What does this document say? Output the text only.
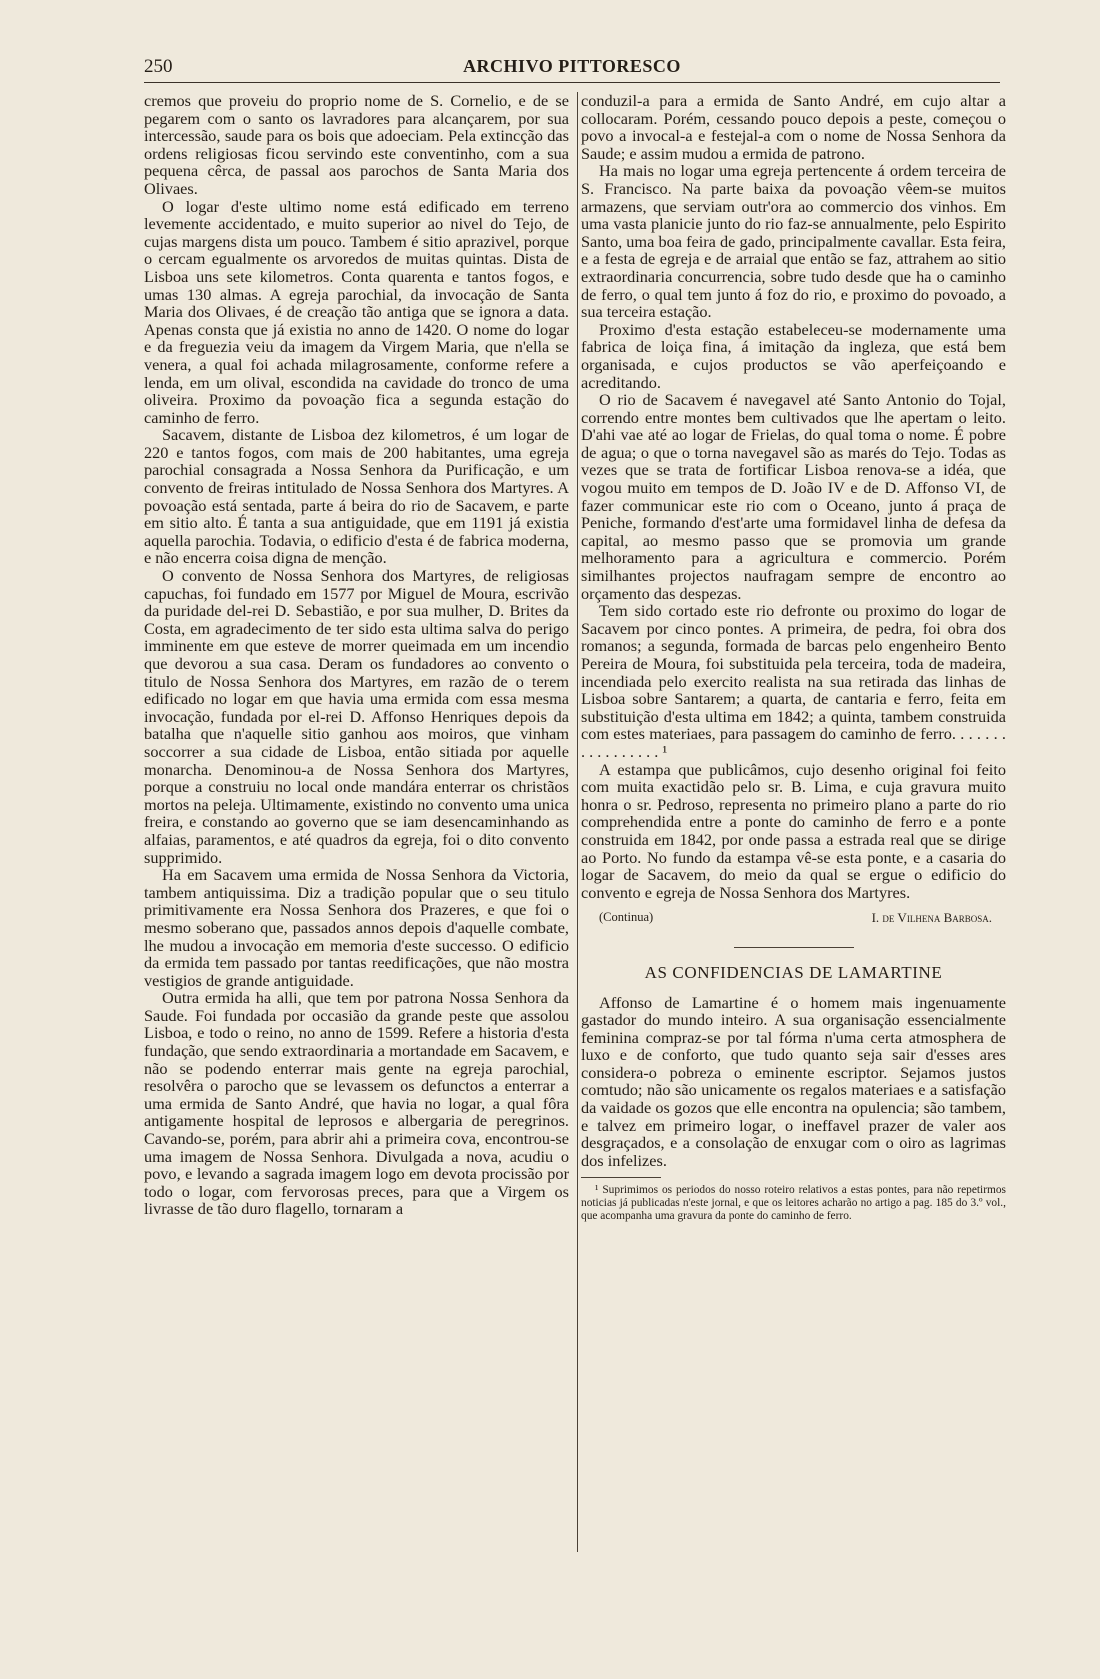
250	ARCHIVO PITTORESCO

cremos que proveiu do proprio nome de S. Cornelio, e de se pegarem com o santo os lavradores para alcançarem, por sua intercessão, saude para os bois que adoeciam. Pela extincção das ordens religiosas ficou servindo este conventinho, com a sua pequena cêrca, de passal aos parochos de Santa Maria dos Olivaes.

O logar d'este ultimo nome está edificado em terreno levemente accidentado, e muito superior ao nivel do Tejo, de cujas margens dista um pouco. Tambem é sitio aprazivel, porque o cercam egualmente os arvoredos de muitas quintas. Dista de Lisboa uns sete kilometros. Conta quarenta e tantos fogos, e umas 130 almas. A egreja parochial, da invocação de Santa Maria dos Olivaes, é de creação tão antiga que se ignora a data. Apenas consta que já existia no anno de 1420. O nome do logar e da freguezia veiu da imagem da Virgem Maria, que n'ella se venera, a qual foi achada milagrosamente, conforme refere a lenda, em um olival, escondida na cavidade do tronco de uma oliveira. Proximo da povoação fica a segunda estação do caminho de ferro.

Sacavem, distante de Lisboa dez kilometros, é um logar de 220 e tantos fogos, com mais de 200 habitantes, uma egreja parochial consagrada a Nossa Senhora da Purificação, e um convento de freiras intitulado de Nossa Senhora dos Martyres. A povoação está sentada, parte á beira do rio de Sacavem, e parte em sitio alto. É tanta a sua antiguidade, que em 1191 já existia aquella parochia. Todavia, o edificio d'esta é de fabrica moderna, e não encerra coisa digna de menção.

O convento de Nossa Senhora dos Martyres, de religiosas capuchas, foi fundado em 1577 por Miguel de Moura, escrivão da puridade del-rei D. Sebastião, e por sua mulher, D. Brites da Costa, em agradecimento de ter sido esta ultima salva do perigo imminente em que esteve de morrer queimada em um incendio que devorou a sua casa. Deram os fundadores ao convento o titulo de Nossa Senhora dos Martyres, em razão de o terem edificado no logar em que havia uma ermida com essa mesma invocação, fundada por el-rei D. Affonso Henriques depois da batalha que n'aquelle sitio ganhou aos moiros, que vinham soccorrer a sua cidade de Lisboa, então sitiada por aquelle monarcha. Denominou-a de Nossa Senhora dos Martyres, porque a construiu no local onde mandára enterrar os christãos mortos na peleja. Ultimamente, existindo no convento uma unica freira, e constando ao governo que se iam desencaminhando as alfaias, paramentos, e até quadros da egreja, foi o dito convento supprimido.

Ha em Sacavem uma ermida de Nossa Senhora da Victoria, tambem antiquissima. Diz a tradição popular que o seu titulo primitivamente era Nossa Senhora dos Prazeres, e que foi o mesmo soberano que, passados annos depois d'aquelle combate, lhe mudou a invocação em memoria d'este successo. O edificio da ermida tem passado por tantas reedificações, que não mostra vestigios de grande antiguidade.

Outra ermida ha alli, que tem por patrona Nossa Senhora da Saude. Foi fundada por occasião da grande peste que assolou Lisboa, e todo o reino, no anno de 1599. Refere a historia d'esta fundação, que sendo extraordinaria a mortandade em Sacavem, e não se podendo enterrar mais gente na egreja parochial, resolvêra o parocho que se levassem os defunctos a enterrar a uma ermida de Santo André, que havia no logar, a qual fôra antigamente hospital de leprosos e albergaria de peregrinos. Cavando-se, porém, para abrir ahi a primeira cova, encontrou-se uma imagem de Nossa Senhora. Divulgada a nova, acudiu o povo, e levando a sagrada imagem logo em devota procissão por todo o logar, com fervorosas preces, para que a Virgem os livrasse de tão duro flagello, tornaram a

conduzil-a para a ermida de Santo André, em cujo altar a collocaram. Porém, cessando pouco depois a peste, começou o povo a invocal-a e festejal-a com o nome de Nossa Senhora da Saude; e assim mudou a ermida de patrono.

Ha mais no logar uma egreja pertencente á ordem terceira de S. Francisco. Na parte baixa da povoação vêem-se muitos armazens, que serviam outr'ora ao commercio dos vinhos. Em uma vasta planicie junto do rio faz-se annualmente, pelo Espirito Santo, uma boa feira de gado, principalmente cavallar. Esta feira, e a festa de egreja e de arraial que então se faz, attrahem ao sitio extraordinaria concurrencia, sobre tudo desde que ha o caminho de ferro, o qual tem junto á foz do rio, e proximo do povoado, a sua terceira estação.

Proximo d'esta estação estabeleceu-se modernamente uma fabrica de loiça fina, á imitação da ingleza, que está bem organisada, e cujos productos se vão aperfeiçoando e acreditando.

O rio de Sacavem é navegavel até Santo Antonio do Tojal, correndo entre montes bem cultivados que lhe apertam o leito. D'ahi vae até ao logar de Frielas, do qual toma o nome. É pobre de agua; o que o torna navegavel são as marés do Tejo. Todas as vezes que se trata de fortificar Lisboa renova-se a idéa, que vogou muito em tempos de D. João IV e de D. Affonso VI, de fazer communicar este rio com o Oceano, junto á praça de Peniche, formando d'est'arte uma formidavel linha de defesa da capital, ao mesmo passo que se promovia um grande melhoramento para a agricultura e commercio. Porém similhantes projectos naufragam sempre de encontro ao orçamento das despezas.

Tem sido cortado este rio defronte ou proximo do logar de Sacavem por cinco pontes. A primeira, de pedra, foi obra dos romanos; a segunda, formada de barcas pelo engenheiro Bento Pereira de Moura, foi substituida pela terceira, toda de madeira, incendiada pelo exercito realista na sua retirada das linhas de Lisboa sobre Santarem; a quarta, de cantaria e ferro, feita em substituição d'esta ultima em 1842; a quinta, tambem construida com estes materiaes, para passagem do caminho de ferro. . . . . . . . . . . . . . . . . ¹

A estampa que publicâmos, cujo desenho original foi feito com muita exactidão pelo sr. B. Lima, e cuja gravura muito honra o sr. Pedroso, representa no primeiro plano a parte do rio comprehendida entre a ponte do caminho de ferro e a ponte construida em 1842, por onde passa a estrada real que se dirige ao Porto. No fundo da estampa vê-se esta ponte, e a casaria do logar de Sacavem, do meio da qual se ergue o edificio do convento e egreja de Nossa Senhora dos Martyres.

(Continua)	I. de Vilhena Barbosa.
AS CONFIDENCIAS DE LAMARTINE

Affonso de Lamartine é o homem mais ingenuamente gastador do mundo inteiro. A sua organisação essencialmente feminina compraz-se por tal fórma n'uma certa atmosphera de luxo e de conforto, que tudo quanto seja sair d'esses ares considera-o pobreza o eminente escriptor. Sejamos justos comtudo; não são unicamente os regalos materiaes e a satisfação da vaidade os gozos que elle encontra na opulencia; são tambem, e talvez em primeiro logar, o ineffavel prazer de valer aos desgraçados, e a consolação de enxugar com o oiro as lagrimas dos infelizes.

¹ Suprimimos os periodos do nosso roteiro relativos a estas pontes, para não repetirmos noticias já publicadas n'este jornal, e que os leitores acharão no artigo a pag. 185 do 3.º vol., que acompanha uma gravura da ponte do caminho de ferro.
